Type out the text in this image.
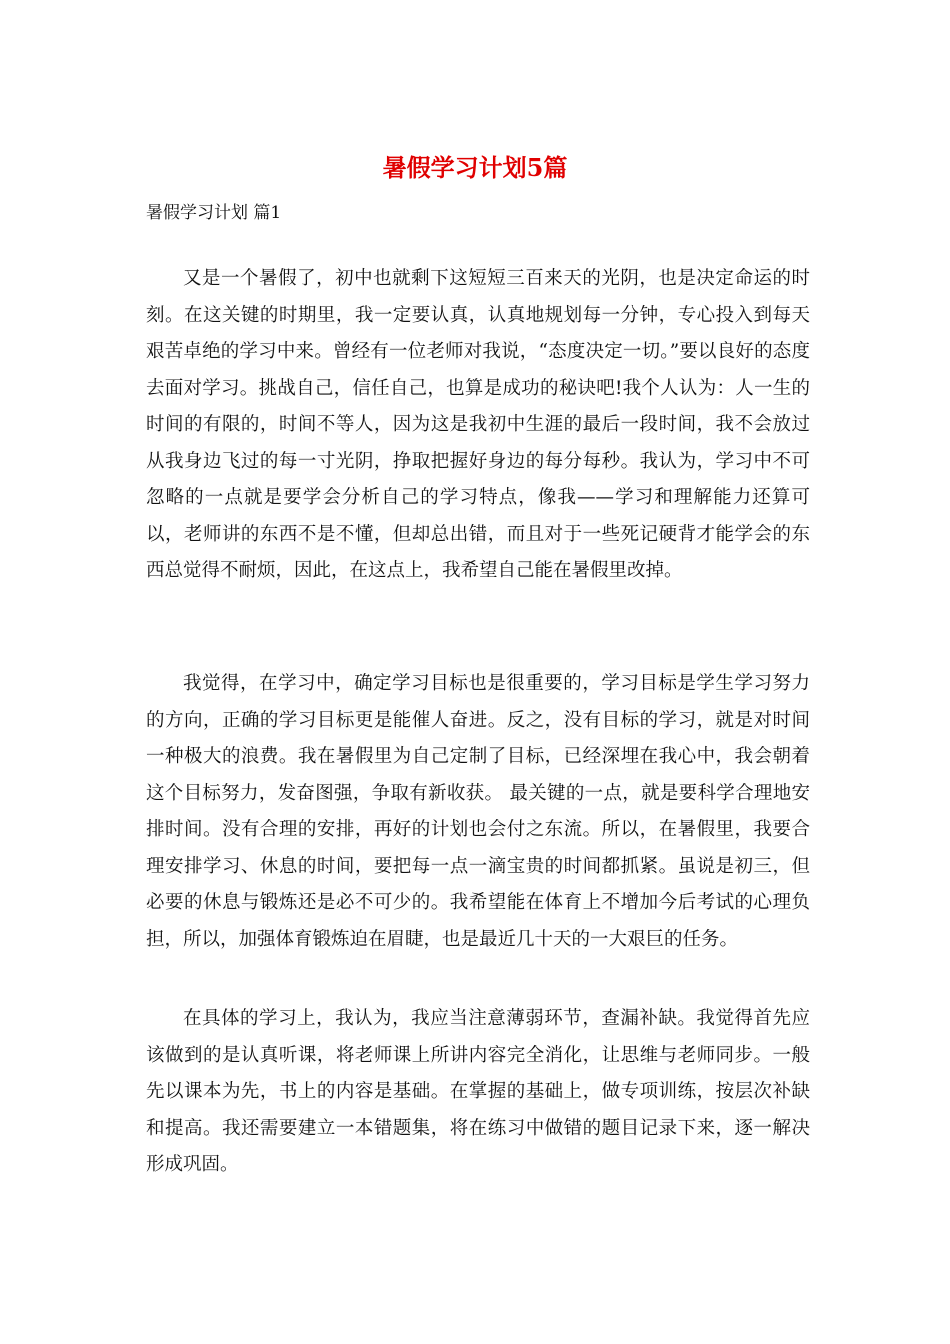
暑假学习计划5篇
暑假学习计划 篇1

又是一个暑假了，初中也就剩下这短短三百来天的光阴，也是决定命运的时刻。在这关键的时期里，我一定要认真，认真地规划每一分钟，专心投入到每天艰苦卓绝的学习中来。曾经有一位老师对我说，“态度决定一切。”要以良好的态度去面对学习。挑战自己，信任自己，也算是成功的秘诀吧!我个人认为：人一生的时间的有限的，时间不等人，因为这是我初中生涯的最后一段时间，我不会放过从我身边飞过的每一寸光阴，挣取把握好身边的每分每秒。我认为，学习中不可忽略的一点就是要学会分析自己的学习特点，像我——学习和理解能力还算可以，老师讲的东西不是不懂，但却总出错，而且对于一些死记硬背才能学会的东西总觉得不耐烦，因此，在这点上，我希望自己能在暑假里改掉。

我觉得，在学习中，确定学习目标也是很重要的，学习目标是学生学习努力的方向，正确的学习目标更是能催人奋进。反之，没有目标的学习，就是对时间一种极大的浪费。我在暑假里为自己定制了目标，已经深埋在我心中，我会朝着这个目标努力，发奋图强，争取有新收获。 最关键的一点，就是要科学合理地安排时间。没有合理的安排，再好的计划也会付之东流。所以，在暑假里，我要合理安排学习、休息的时间，要把每一点一滴宝贵的时间都抓紧。虽说是初三，但必要的休息与锻炼还是必不可少的。我希望能在体育上不增加今后考试的心理负担，所以，加强体育锻炼迫在眉睫，也是最近几十天的一大艰巨的任务。

在具体的学习上，我认为，我应当注意薄弱环节，查漏补缺。我觉得首先应该做到的是认真听课，将老师课上所讲内容完全消化，让思维与老师同步。一般先以课本为先，书上的内容是基础。在掌握的基础上，做专项训练，按层次补缺和提高。我还需要建立一本错题集，将在练习中做错的题目记录下来，逐一解决形成巩固。
